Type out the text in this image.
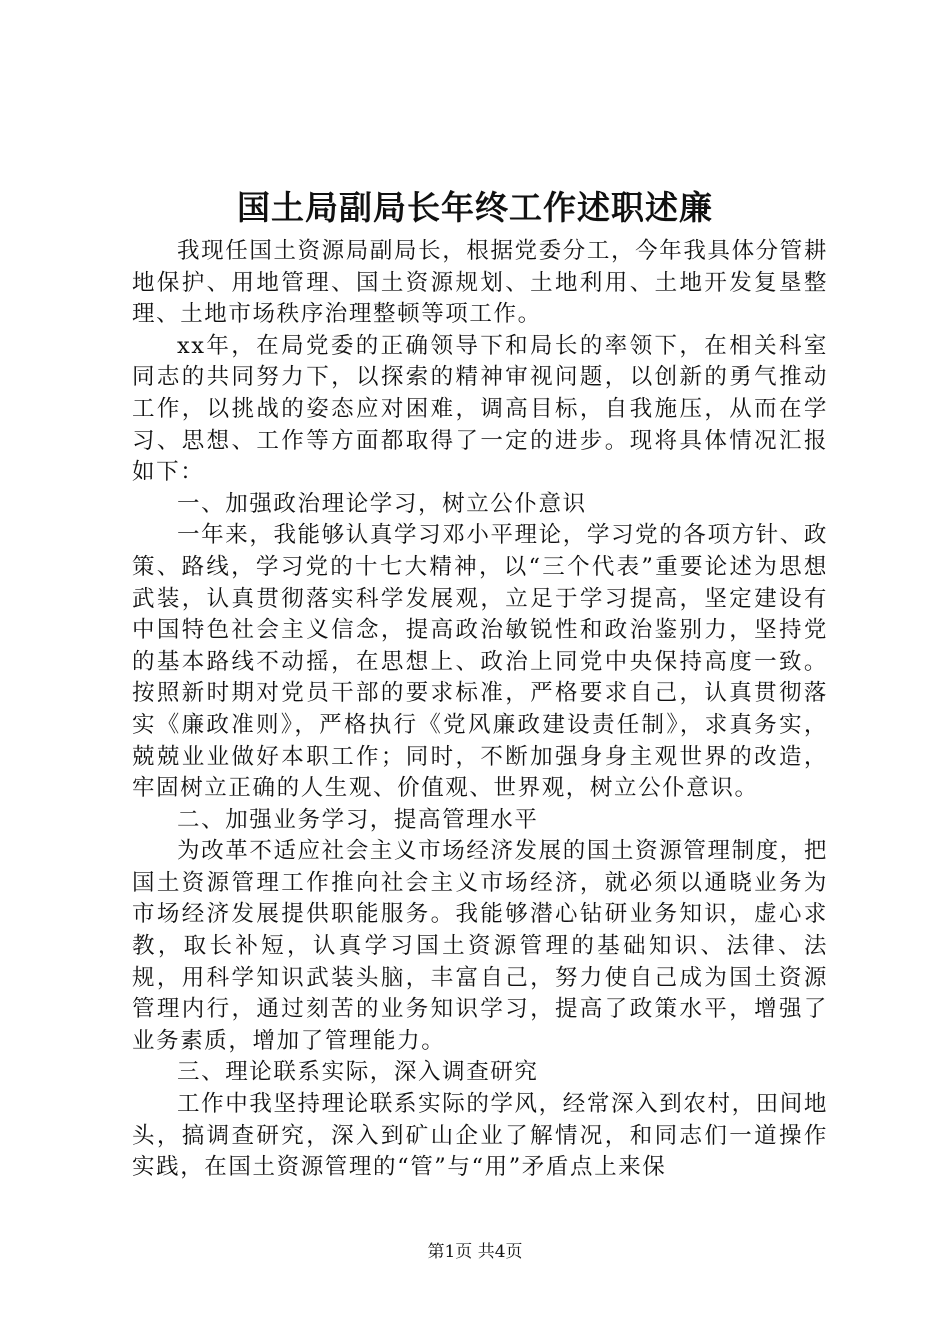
国土局副局长年终工作述职述廉

我现任国土资源局副局长，根据党委分工，今年我具体分管耕地保护、用地管理、国土资源规划、土地利用、土地开发复垦整理、土地市场秩序治理整顿等项工作。

xx年，在局党委的正确领导下和局长的率领下，在相关科室同志的共同努力下，以探索的精神审视问题，以创新的勇气推动工作，以挑战的姿态应对困难，调高目标，自我施压，从而在学习、思想、工作等方面都取得了一定的进步。现将具体情况汇报如下：

一、加强政治理论学习，树立公仆意识

一年来，我能够认真学习邓小平理论，学习党的各项方针、政策、路线，学习党的十七大精神，以“三个代表”重要论述为思想武装，认真贯彻落实科学发展观，立足于学习提高，坚定建设有中国特色社会主义信念，提高政治敏锐性和政治鉴别力，坚持党的基本路线不动摇，在思想上、政治上同党中央保持高度一致。按照新时期对党员干部的要求标准，严格要求自己，认真贯彻落实《廉政准则》，严格执行《党风廉政建设责任制》，求真务实，兢兢业业做好本职工作；同时，不断加强身身主观世界的改造，牢固树立正确的人生观、价值观、世界观，树立公仆意识。

二、加强业务学习，提高管理水平

为改革不适应社会主义市场经济发展的国土资源管理制度，把国土资源管理工作推向社会主义市场经济，就必须以通晓业务为市场经济发展提供职能服务。我能够潜心钻研业务知识，虚心求教，取长补短，认真学习国土资源管理的基础知识、法律、法规，用科学知识武装头脑，丰富自己，努力使自己成为国土资源管理内行，通过刻苦的业务知识学习，提高了政策水平，增强了业务素质，增加了管理能力。

三、理论联系实际，深入调查研究

工作中我坚持理论联系实际的学风，经常深入到农村，田间地头，搞调查研究，深入到矿山企业了解情况，和同志们一道操作实践，在国土资源管理的“管”与“用”矛盾点上来保

第1页 共4页
